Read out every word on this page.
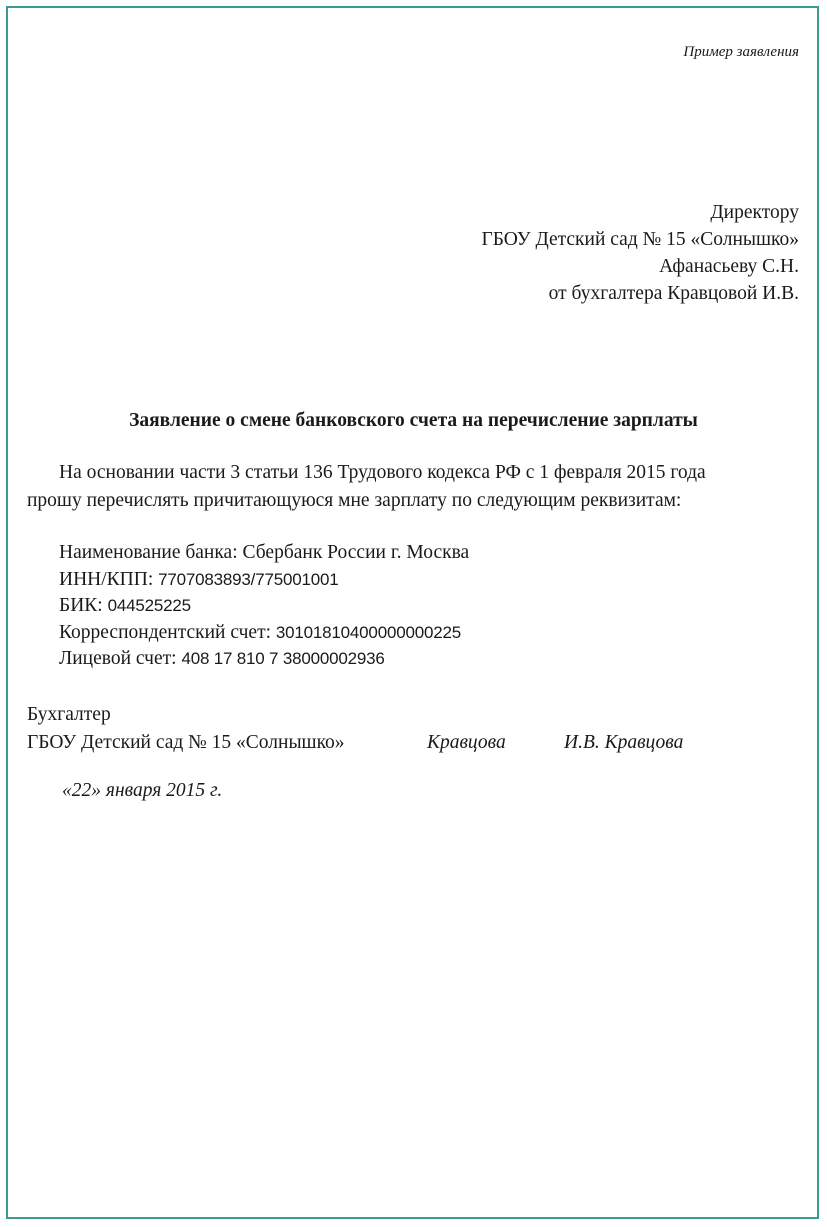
Пример заявления
Директору
ГБОУ Детский сад № 15 «Солнышко»
Афанасьеву С.Н.
от бухгалтера Кравцовой И.В.
Заявление о смене банковского счета на перечисление зарплаты
На основании части 3 статьи 136 Трудового кодекса РФ с 1 февраля 2015 года
прошу перечислять причитающуюся мне зарплату по следующим реквизитам:
Наименование банка: Сбербанк России г. Москва
ИНН/КПП: 7707083893/775001001
БИК: 044525225
Корреспондентский счет: 30101810400000000225
Лицевой счет: 408 17 810 7 38000002936
Бухгалтер
ГБОУ Детский сад № 15 «Солнышко»	Кравцова	И.В. Кравцова
«22» января 2015 г.
